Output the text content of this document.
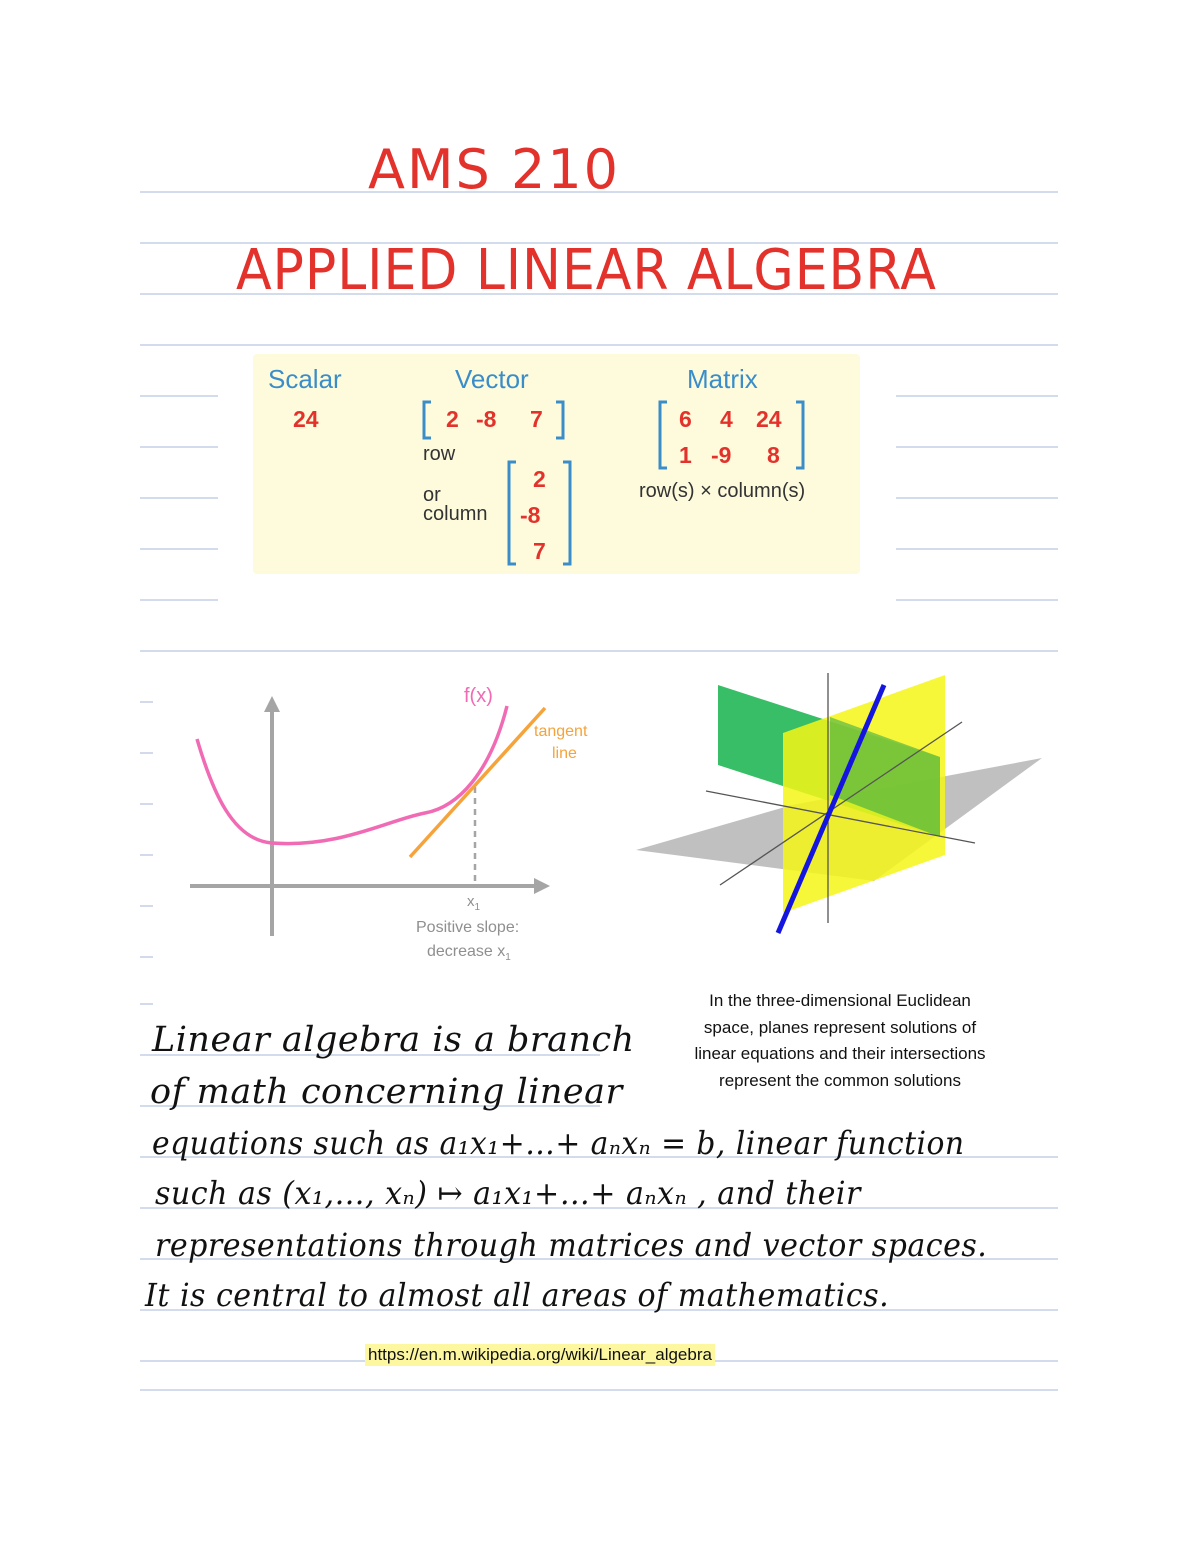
AMS 210
APPLIED LINEAR ALGEBRA
Scalar
24
Vector
2 -8 7
row
or
column
2
-8
7
Matrix
6 4 24
1 -9 8
row(s) × column(s)
f(x)
tangent
line
$x_1$
Positive slope:
decrease $x_1$
In the three-dimensional Euclidean
space, planes represent solutions of
linear equations and their intersections
represent the common solutions
Linear algebra is a branch
of math concerning linear
equations such as a₁x₁+…+ aₙxₙ = b, linear function
such as (x₁,…, xₙ) ↦ a₁x₁+…+ aₙxₙ , and their
representations through matrices and vector spaces.
It is central to almost all areas of mathematics.
https://en.m.wikipedia.org/wiki/Linear_algebra
